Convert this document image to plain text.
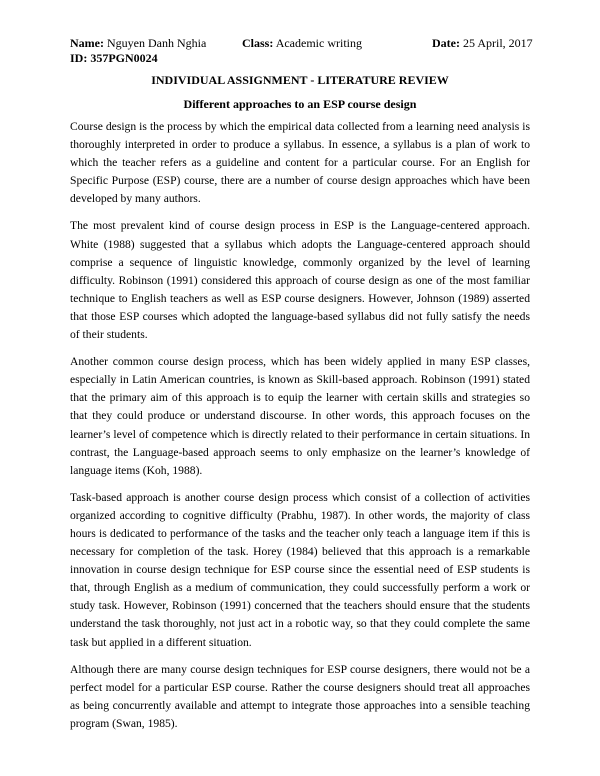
Name: Nguyen Danh Nghia	Class: Academic writing	Date: 25 April, 2017
ID: 357PGN0024
INDIVIDUAL ASSIGNMENT - LITERATURE REVIEW
Different approaches to an ESP course design

Course design is the process by which the empirical data collected from a learning need analysis is thoroughly interpreted in order to produce a syllabus. In essence, a syllabus is a plan of work to which the teacher refers as a guideline and content for a particular course. For an English for Specific Purpose (ESP) course, there are a number of course design approaches which have been developed by many authors.

The most prevalent kind of course design process in ESP is the Language-centered approach. White (1988) suggested that a syllabus which adopts the Language-centered approach should comprise a sequence of linguistic knowledge, commonly organized by the level of learning difficulty. Robinson (1991) considered this approach of course design as one of the most familiar technique to English teachers as well as ESP course designers. However, Johnson (1989) asserted that those ESP courses which adopted the language-based syllabus did not fully satisfy the needs of their students.

Another common course design process, which has been widely applied in many ESP classes, especially in Latin American countries, is known as Skill-based approach. Robinson (1991) stated that the primary aim of this approach is to equip the learner with certain skills and strategies so that they could produce or understand discourse. In other words, this approach focuses on the learner’s level of competence which is directly related to their performance in certain situations. In contrast, the Language-based approach seems to only emphasize on the learner’s knowledge of language items (Koh, 1988).

Task-based approach is another course design process which consist of a collection of activities organized according to cognitive difficulty (Prabhu, 1987). In other words, the majority of class hours is dedicated to performance of the tasks and the teacher only teach a language item if this is necessary for completion of the task. Horey (1984) believed that this approach is a remarkable innovation in course design technique for ESP course since the essential need of ESP students is that, through English as a medium of communication, they could successfully perform a work or study task. However, Robinson (1991) concerned that the teachers should ensure that the students understand the task thoroughly, not just act in a robotic way, so that they could complete the same task but applied in a different situation.

Although there are many course design techniques for ESP course designers, there would not be a perfect model for a particular ESP course. Rather the course designers should treat all approaches as being concurrently available and attempt to integrate those approaches into a sensible teaching program (Swan, 1985).
